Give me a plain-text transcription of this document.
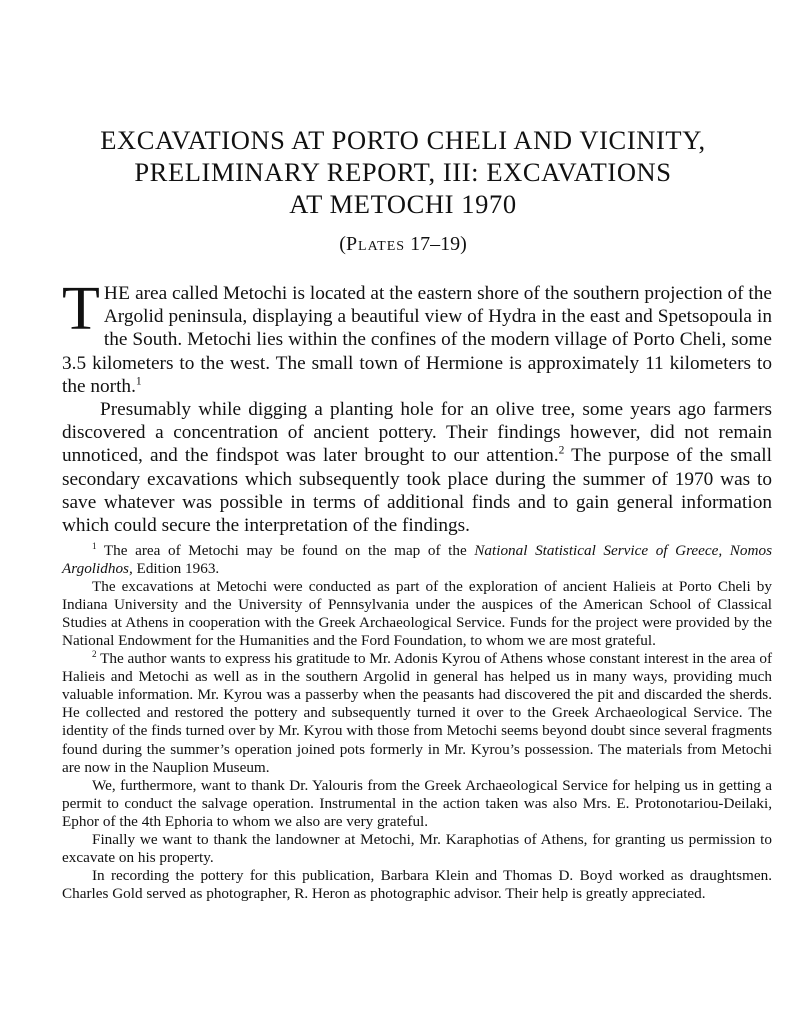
EXCAVATIONS AT PORTO CHELI AND VICINITY,
PRELIMINARY REPORT, III: EXCAVATIONS
AT METOCHI 1970
(Plates 17–19)

THE area called Metochi is located at the eastern shore of the southern projection of the Argolid peninsula, displaying a beautiful view of Hydra in the east and Spetsopoula in the South. Metochi lies within the confines of the modern village of Porto Cheli, some 3.5 kilometers to the west. The small town of Hermione is approximately 11 kilometers to the north.$^1$

Presumably while digging a planting hole for an olive tree, some years ago farmers discovered a concentration of ancient pottery. Their findings however, did not remain unnoticed, and the findspot was later brought to our attention.$^2$ The purpose of the small secondary excavations which subsequently took place during the summer of 1970 was to save whatever was possible in terms of additional finds and to gain general information which could secure the interpretation of the findings.

$^1$ The area of Metochi may be found on the map of the National Statistical Service of Greece, Nomos Argolidhos, Edition 1963.

The excavations at Metochi were conducted as part of the exploration of ancient Halieis at Porto Cheli by Indiana University and the University of Pennsylvania under the auspices of the American School of Classical Studies at Athens in cooperation with the Greek Archaeological Service. Funds for the project were provided by the National Endowment for the Humanities and the Ford Foundation, to whom we are most grateful.

$^2$ The author wants to express his gratitude to Mr. Adonis Kyrou of Athens whose constant interest in the area of Halieis and Metochi as well as in the southern Argolid in general has helped us in many ways, providing much valuable information. Mr. Kyrou was a passerby when the peasants had discovered the pit and discarded the sherds. He collected and restored the pottery and subsequently turned it over to the Greek Archaeological Service. The identity of the finds turned over by Mr. Kyrou with those from Metochi seems beyond doubt since several fragments found during the summer’s operation joined pots formerly in Mr. Kyrou’s possession. The materials from Metochi are now in the Nauplion Museum.

We, furthermore, want to thank Dr. Yalouris from the Greek Archaeological Service for helping us in getting a permit to conduct the salvage operation. Instrumental in the action taken was also Mrs. E. Protonotariou-Deilaki, Ephor of the 4th Ephoria to whom we also are very grateful.

Finally we want to thank the landowner at Metochi, Mr. Karaphotias of Athens, for granting us permission to excavate on his property.

In recording the pottery for this publication, Barbara Klein and Thomas D. Boyd worked as draughtsmen. Charles Gold served as photographer, R. Heron as photographic advisor. Their help is greatly appreciated.
